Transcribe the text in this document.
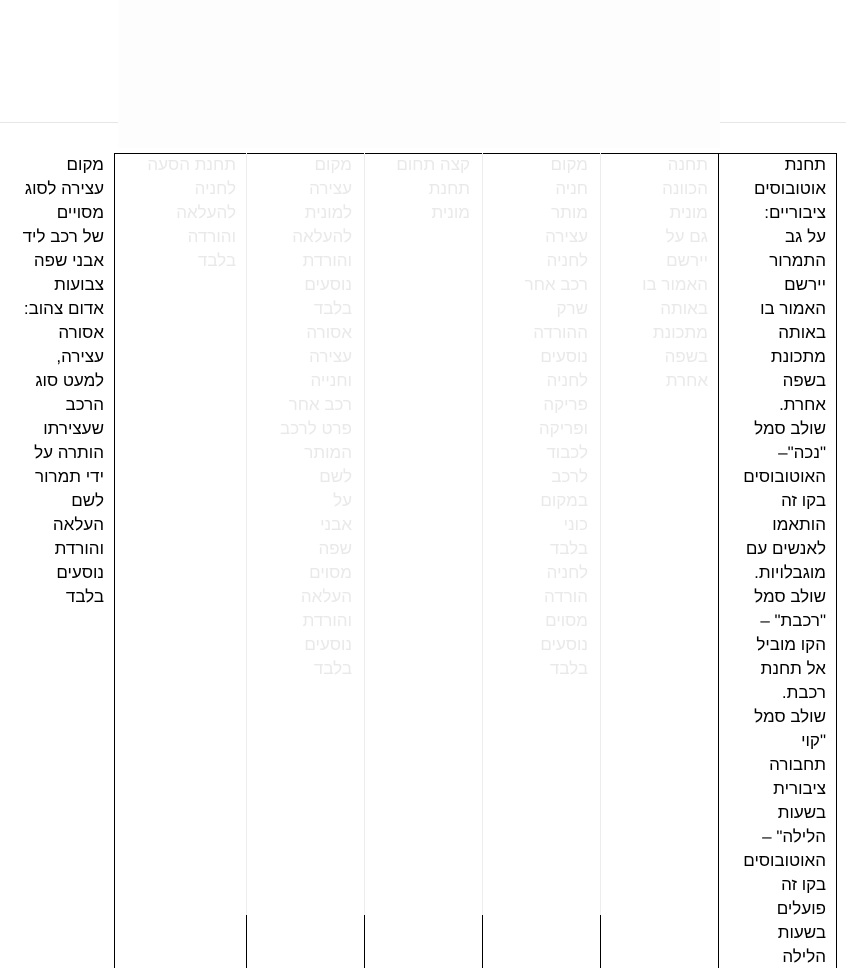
תחנת
אוטובוסים
ציבוריים:
על גב
התמרור
יירשם
האמור בו
באותה
מתכונת
בשפה
אחרת.
שולב סמל
"נכה"–
האוטובוסים
בקו זה
הותאמו
לאנשים עם
מוגבלויות.
שולב סמל
"רכבת" –
הקו מוביל
אל תחנת
רכבת.
שולב סמל
"קוי
תחבורה
ציבורית
בשעות
הלילה" –
האוטובוסים
בקו זה
פועלים
בשעות
הלילה
תחנה
הכוונה
מונית
גם על
יירשם
האמור בו
באותה
מתכונת
בשפה
אחרת
מקום
חניה
מותר
עצירה
לחניה
רכב אחר
שרק
ההורדה
נוסעים
לחניה
פריקה
ופריקה
לכבוד
לרכב
במקום
כוני
בלבד
לחניה
הורדה
מסוים
נוסעים
בלבד
קצה תחום
תחנת
מונית
מקום
עצירה
למונית
להעלאה
והורדת
נוסעים
בלבד
אסורה
עצירה
וחנייה
רכב אחר
פרט לרכב
המותר
לשם
על
אבני
שפה
מסוים
העלאה
והורדת
נוסעים
בלבד
תחנת הסעה
לחניה
להעלאה
והורדה
בלבד
מקום
עצירה לסוג
מסויים
של רכב ליד
אבני שפה
צבועות
אדום צהוב:
אסורה
עצירה,
למעט סוג
הרכב
שעצירתו
הותרה על
ידי תמרור
לשם
העלאה
והורדת
נוסעים
בלבד
